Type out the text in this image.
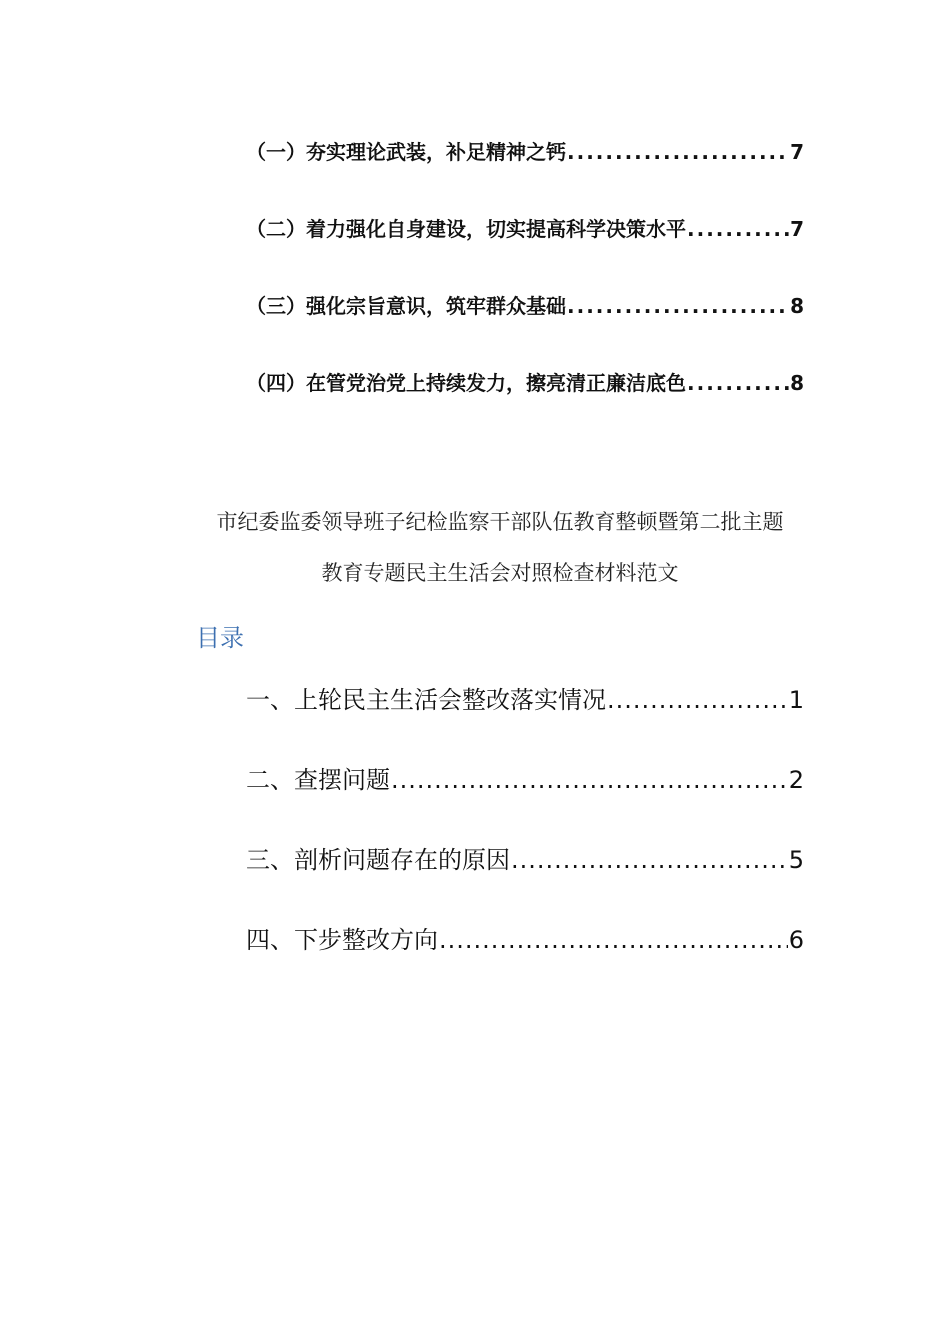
（一）夯实理论武装，补足精神之钙 .....	7
（二）着力强化自身建设，切实提高科学决策水平 .....	7
（三）强化宗旨意识，筑牢群众基础 .....	8
（四）在管党治党上持续发力，擦亮清正廉洁底色 .....	8
市纪委监委领导班子纪检监察干部队伍教育整顿暨第二批主题
教育专题民主生活会对照检查材料范文
目录
一、上轮民主生活会整改落实情况 .....	1
二、查摆问题 .....	2
三、剖析问题存在的原因 .....	5
四、下步整改方向 .....	6
